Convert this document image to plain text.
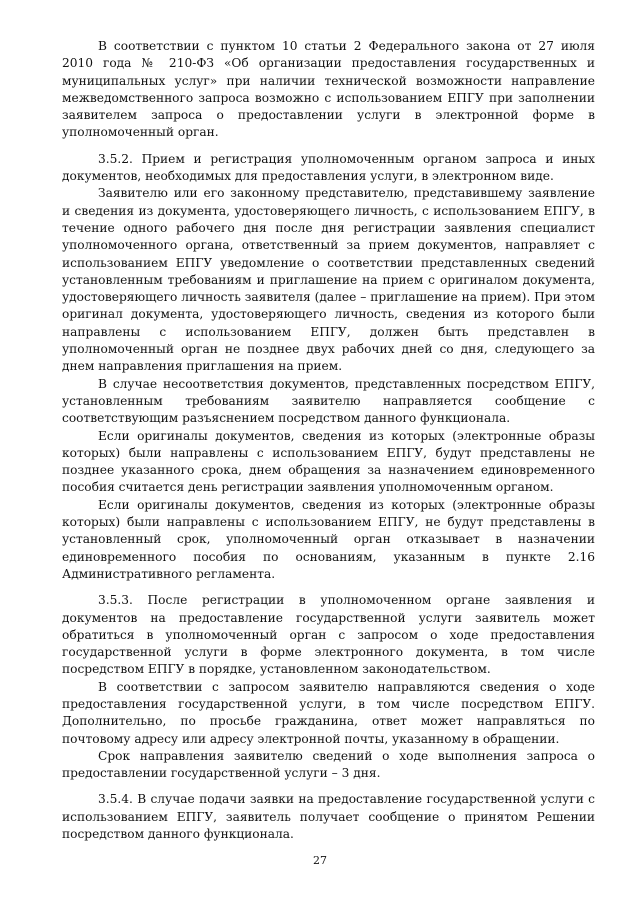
В соответствии с пунктом 10 статьи 2 Федерального закона от 27 июля 2010 года № 210-ФЗ «Об организации предоставления государственных и муниципальных услуг» при наличии технической возможности направление межведомственного запроса возможно с использованием ЕПГУ при заполнении заявителем запроса о предоставлении услуги в электронной форме в уполномоченный орган.

3.5.2. Прием и регистрация уполномоченным органом запроса и иных документов, необходимых для предоставления услуги, в электронном виде.

Заявителю или его законному представителю, представившему заявление и сведения из документа, удостоверяющего личность, с использованием ЕПГУ, в течение одного рабочего дня после дня регистрации заявления специалист уполномоченного органа, ответственный за прием документов, направляет с использованием ЕПГУ уведомление о соответствии представленных сведений установленным требованиям и приглашение на прием с оригиналом документа, удостоверяющего личность заявителя (далее – приглашение на прием). При этом оригинал документа, удостоверяющего личность, сведения из которого были направлены с использованием ЕПГУ, должен быть представлен в уполномоченный орган не позднее двух рабочих дней со дня, следующего за днем направления приглашения на прием.

В случае несоответствия документов, представленных посредством ЕПГУ, установленным требованиям заявителю направляется сообщение с соответствующим разъяснением посредством данного функционала.

Если оригиналы документов, сведения из которых (электронные образы которых) были направлены с использованием ЕПГУ, будут представлены не позднее указанного срока, днем обращения за назначением единовременного пособия считается день регистрации заявления уполномоченным органом.

Если оригиналы документов, сведения из которых (электронные образы которых) были направлены с использованием ЕПГУ, не будут представлены в установленный срок, уполномоченный орган отказывает в назначении единовременного пособия по основаниям, указанным в пункте 2.16 Административного регламента.

3.5.3. После регистрации в уполномоченном органе заявления и документов на предоставление государственной услуги заявитель может обратиться в уполномоченный орган с запросом о ходе предоставления государственной услуги в форме электронного документа, в том числе посредством ЕПГУ в порядке, установленном законодательством.

В соответствии с запросом заявителю направляются сведения о ходе предоставления государственной услуги, в том числе посредством ЕПГУ. Дополнительно, по просьбе гражданина, ответ может направляться по почтовому адресу или адресу электронной почты, указанному в обращении.

Срок направления заявителю сведений о ходе выполнения запроса о предоставлении государственной услуги – 3 дня.

3.5.4. В случае подачи заявки на предоставление государственной услуги с использованием ЕПГУ, заявитель получает сообщение о принятом Решении посредством данного функционала.

27
